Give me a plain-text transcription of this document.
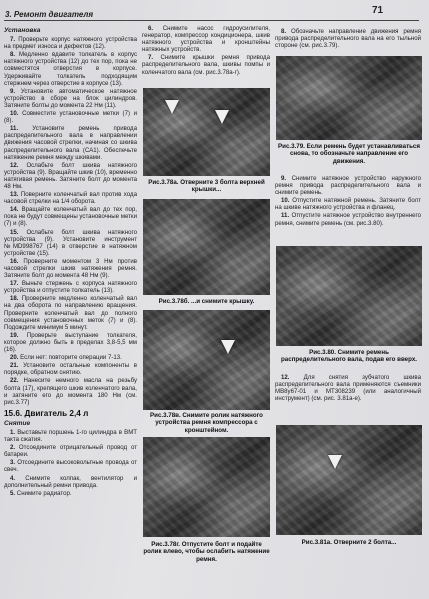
3. Ремонт двигателя	71
Установка

7. Проверьте корпус натяжного устройства на предмет износа и дефектов (12).

8. Медленно вдавите толкатель в корпус натяжного устройства (12) до тех пор, пока не совместятся отверстия в корпусе. Удерживайте толкатель подходящим стержнем через отверстие в корпусе (13).

9. Установите автоматическое натяжное устройство в сборе на блок цилиндров. Затяните болты до момента 22 Нм (11).

10. Совместите установочные метки (7) и (8).

11. Установите ремень привода распределительного вала в направлении движения часовой стрелки, начиная со шкива распределительного вала (СА1). Обеспечьте натяжение ремня между шкивами.

12. Ослабьте болт шкива натяжного устройства (9). Вращайте шкив (10), временно натягивая ремень. Затяните болт до момента 48 Нм.

13. Поверните коленчатый вал против хода часовой стрелки на 1/4 оборота.

14. Вращайте коленчатый вал до тех пор, пока не будут совмещены установочные метки (7) и (8).

15. Ослабьте болт шкива натяжного устройства (9). Установите инструмент №MD998767 (14) в отверстие в натяжном устройстве (15).

16. Проверните моментом 3 Нм против часовой стрелки шкив натяжения ремня. Затяните болт до момента 48 Нм (9).

17. Выньте стержень с корпуса натяжного устройства и отпустите толкатель (13).

18. Проверните медленно коленчатый вал на два оборота по направлению вращения. Проверните коленчатый вал до полного совмещения установочных меток (7) и (8). Подождите минимум 5 минут.

19. Проверьте выступание толкателя, которое должно быть в пределах 3,8-5,5 мм (16).

20. Если нет: повторите операции 7-13.

21. Установите остальные компоненты в порядке, обратном снятию.

22. Нанесите немного масла на резьбу болта (17), крепящего шкив коленчатого вала, и затяните его до момента 180 Нм (см. рис.3.77)

15.6. Двигатель 2,4 л
Снятие

1. Выставьте поршень 1-го цилиндра в ВМТ такта сжатия.

2. Отсоедините отрицательный провод от батареи.

3. Отсоедините высоковольтные провода от свеч.

4. Снимите колпак, вентилятор и дополнительный ремни привода.

5. Снимите радиатор.

6. Снимите насос гидроусилителя, генератор, компрессор кондиционера, шкив натяжного устройства и кронштейны натяжных устройств.

7. Снимите крышки ремня привода распределительного вала, шкивы помпы и коленчатого вала (см. рис.3.78а-г).

Рис.3.78а. Отверните 3 болта верхней крышки...
Рис.3.78б. ...и снимите крышку.
Рис.3.78в. Снимите ролик натяжного устройства ремня компрессора с кронштейном.
Рис.3.78г. Отпустите болт и подайте ролик влево, чтобы ослабить натяжение ремня.

8. Обозначьте направление движения ремня привода распределительного вала на его тыльной стороне (см. рис.3.79).

Рис.3.79. Если ремень будет устанавливаться снова, то обозначьте направление его движения.

9. Снимите натяжное устройство наружного ремня привода распределительного вала и снимите ремень.

10. Отпустите натяжной ремень. Затяните болт на шкиве натяжного устройства и фланец.

11. Отпустите натяжное устройство внутреннего ремня, снимите ремень (см. рис.3.80).

Рис.3.80. Снимите ремень распределительного вала, подав его вверх.

12. Для снятия зубчатого шкива распределительного вала применяются съемники MB8у67-01 и MT308239 (или аналогичный инструмент) (см. рис. 3.81а-е).

Рис.3.81а. Отверните 2 болта...
